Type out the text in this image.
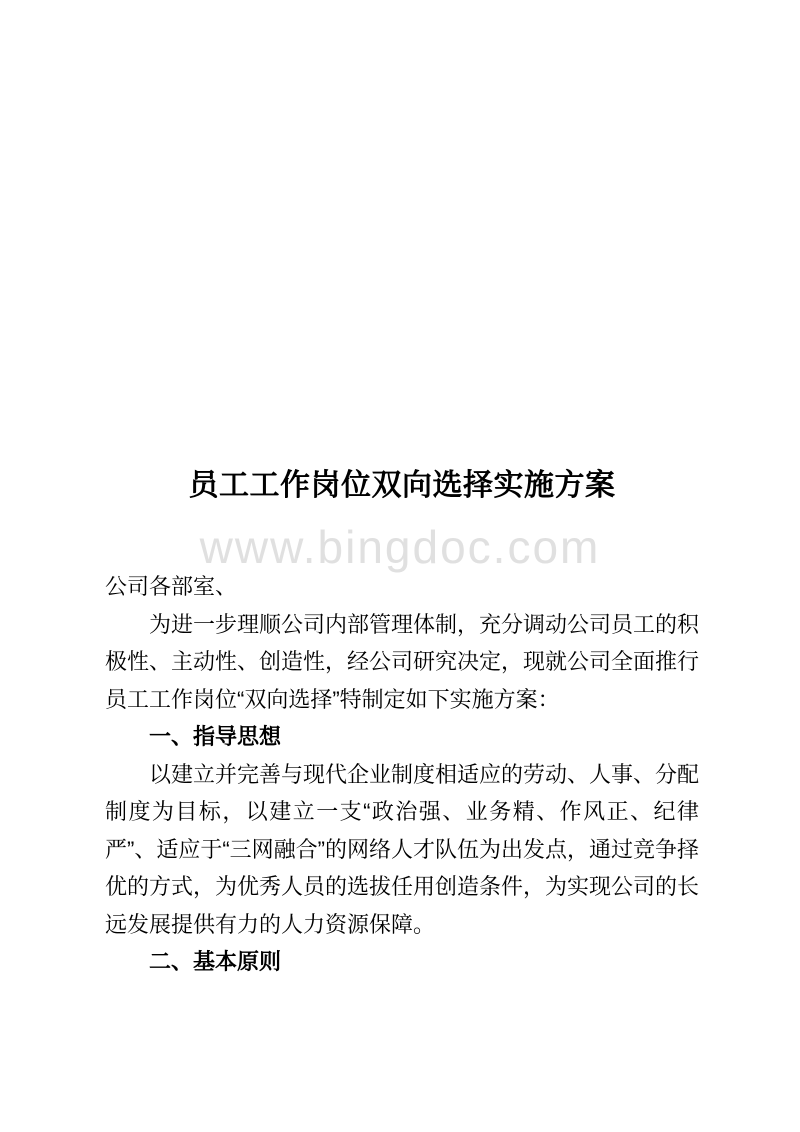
员工工作岗位双向选择实施方案
www.bingdoc.com

公司各部室、

为进一步理顺公司内部管理体制，充分调动公司员工的积极性、主动性、创造性，经公司研究决定，现就公司全面推行员工工作岗位“双向选择”特制定如下实施方案：

一、指导思想

以建立并完善与现代企业制度相适应的劳动、人事、分配制度为目标，以建立一支“政治强、业务精、作风正、纪律严”、适应于“三网融合”的网络人才队伍为出发点，通过竞争择优的方式，为优秀人员的选拔任用创造条件，为实现公司的长远发展提供有力的人力资源保障。

二、基本原则
